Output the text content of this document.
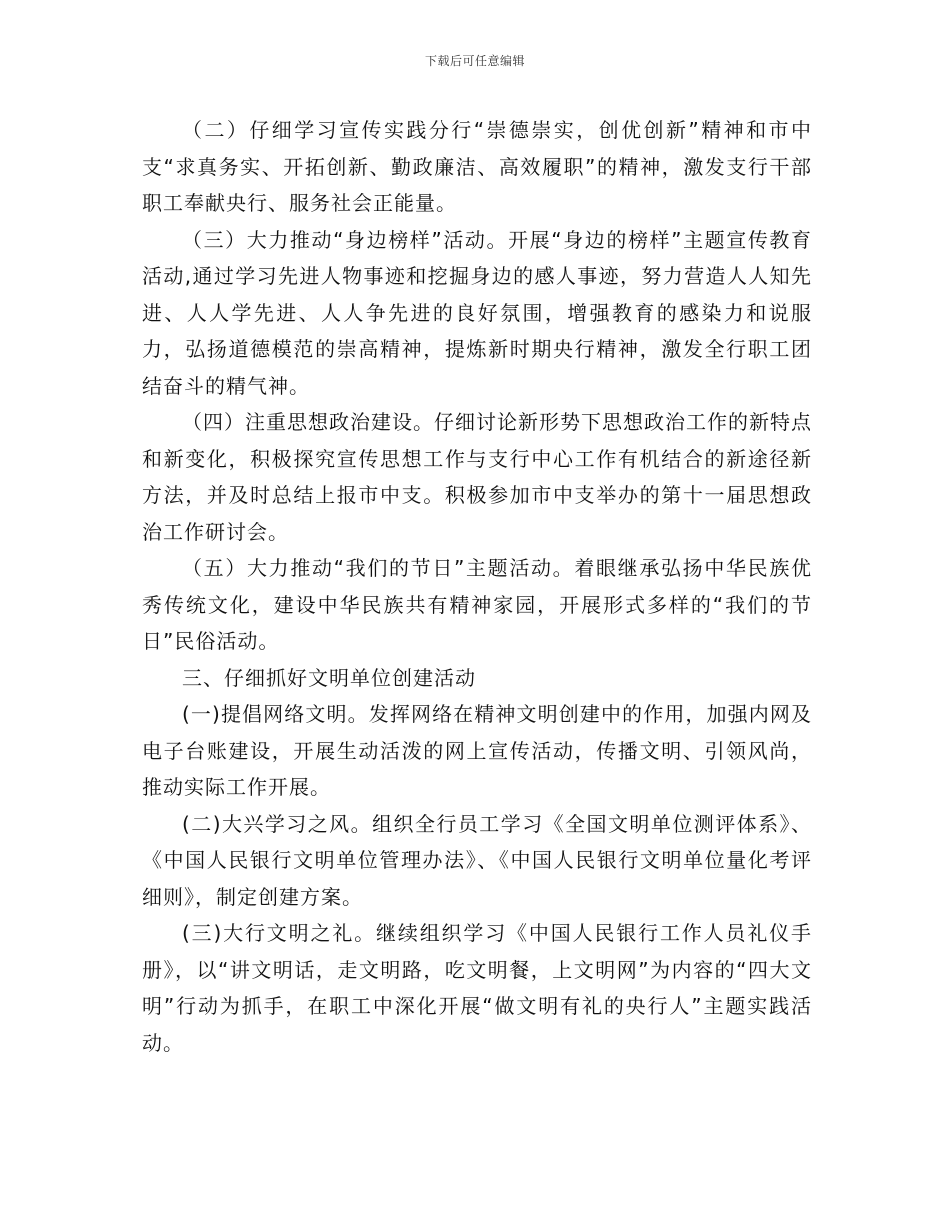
下载后可任意编辑

（二）仔细学习宣传实践分行“崇德崇实，创优创新”精神和市中支“求真务实、开拓创新、勤政廉洁、高效履职”的精神，激发支行干部职工奉献央行、服务社会正能量。

（三）大力推动“身边榜样”活动。开展“身边的榜样”主题宣传教育活动,通过学习先进人物事迹和挖掘身边的感人事迹，努力营造人人知先进、人人学先进、人人争先进的良好氛围，增强教育的感染力和说服力，弘扬道德模范的崇高精神，提炼新时期央行精神，激发全行职工团结奋斗的精气神。

（四）注重思想政治建设。仔细讨论新形势下思想政治工作的新特点和新变化，积极探究宣传思想工作与支行中心工作有机结合的新途径新方法，并及时总结上报市中支。积极参加市中支举办的第十一届思想政治工作研讨会。

（五）大力推动“我们的节日”主题活动。着眼继承弘扬中华民族优秀传统文化，建设中华民族共有精神家园，开展形式多样的“我们的节日”民俗活动。

三、仔细抓好文明单位创建活动

(一)提倡网络文明。发挥网络在精神文明创建中的作用，加强内网及电子台账建设，开展生动活泼的网上宣传活动，传播文明、引领风尚，推动实际工作开展。

(二)大兴学习之风。组织全行员工学习《全国文明单位测评体系》、《中国人民银行文明单位管理办法》、《中国人民银行文明单位量化考评细则》，制定创建方案。

(三)大行文明之礼。继续组织学习《中国人民银行工作人员礼仪手册》，以“讲文明话，走文明路，吃文明餐，上文明网”为内容的“四大文明”行动为抓手，在职工中深化开展“做文明有礼的央行人”主题实践活动。
